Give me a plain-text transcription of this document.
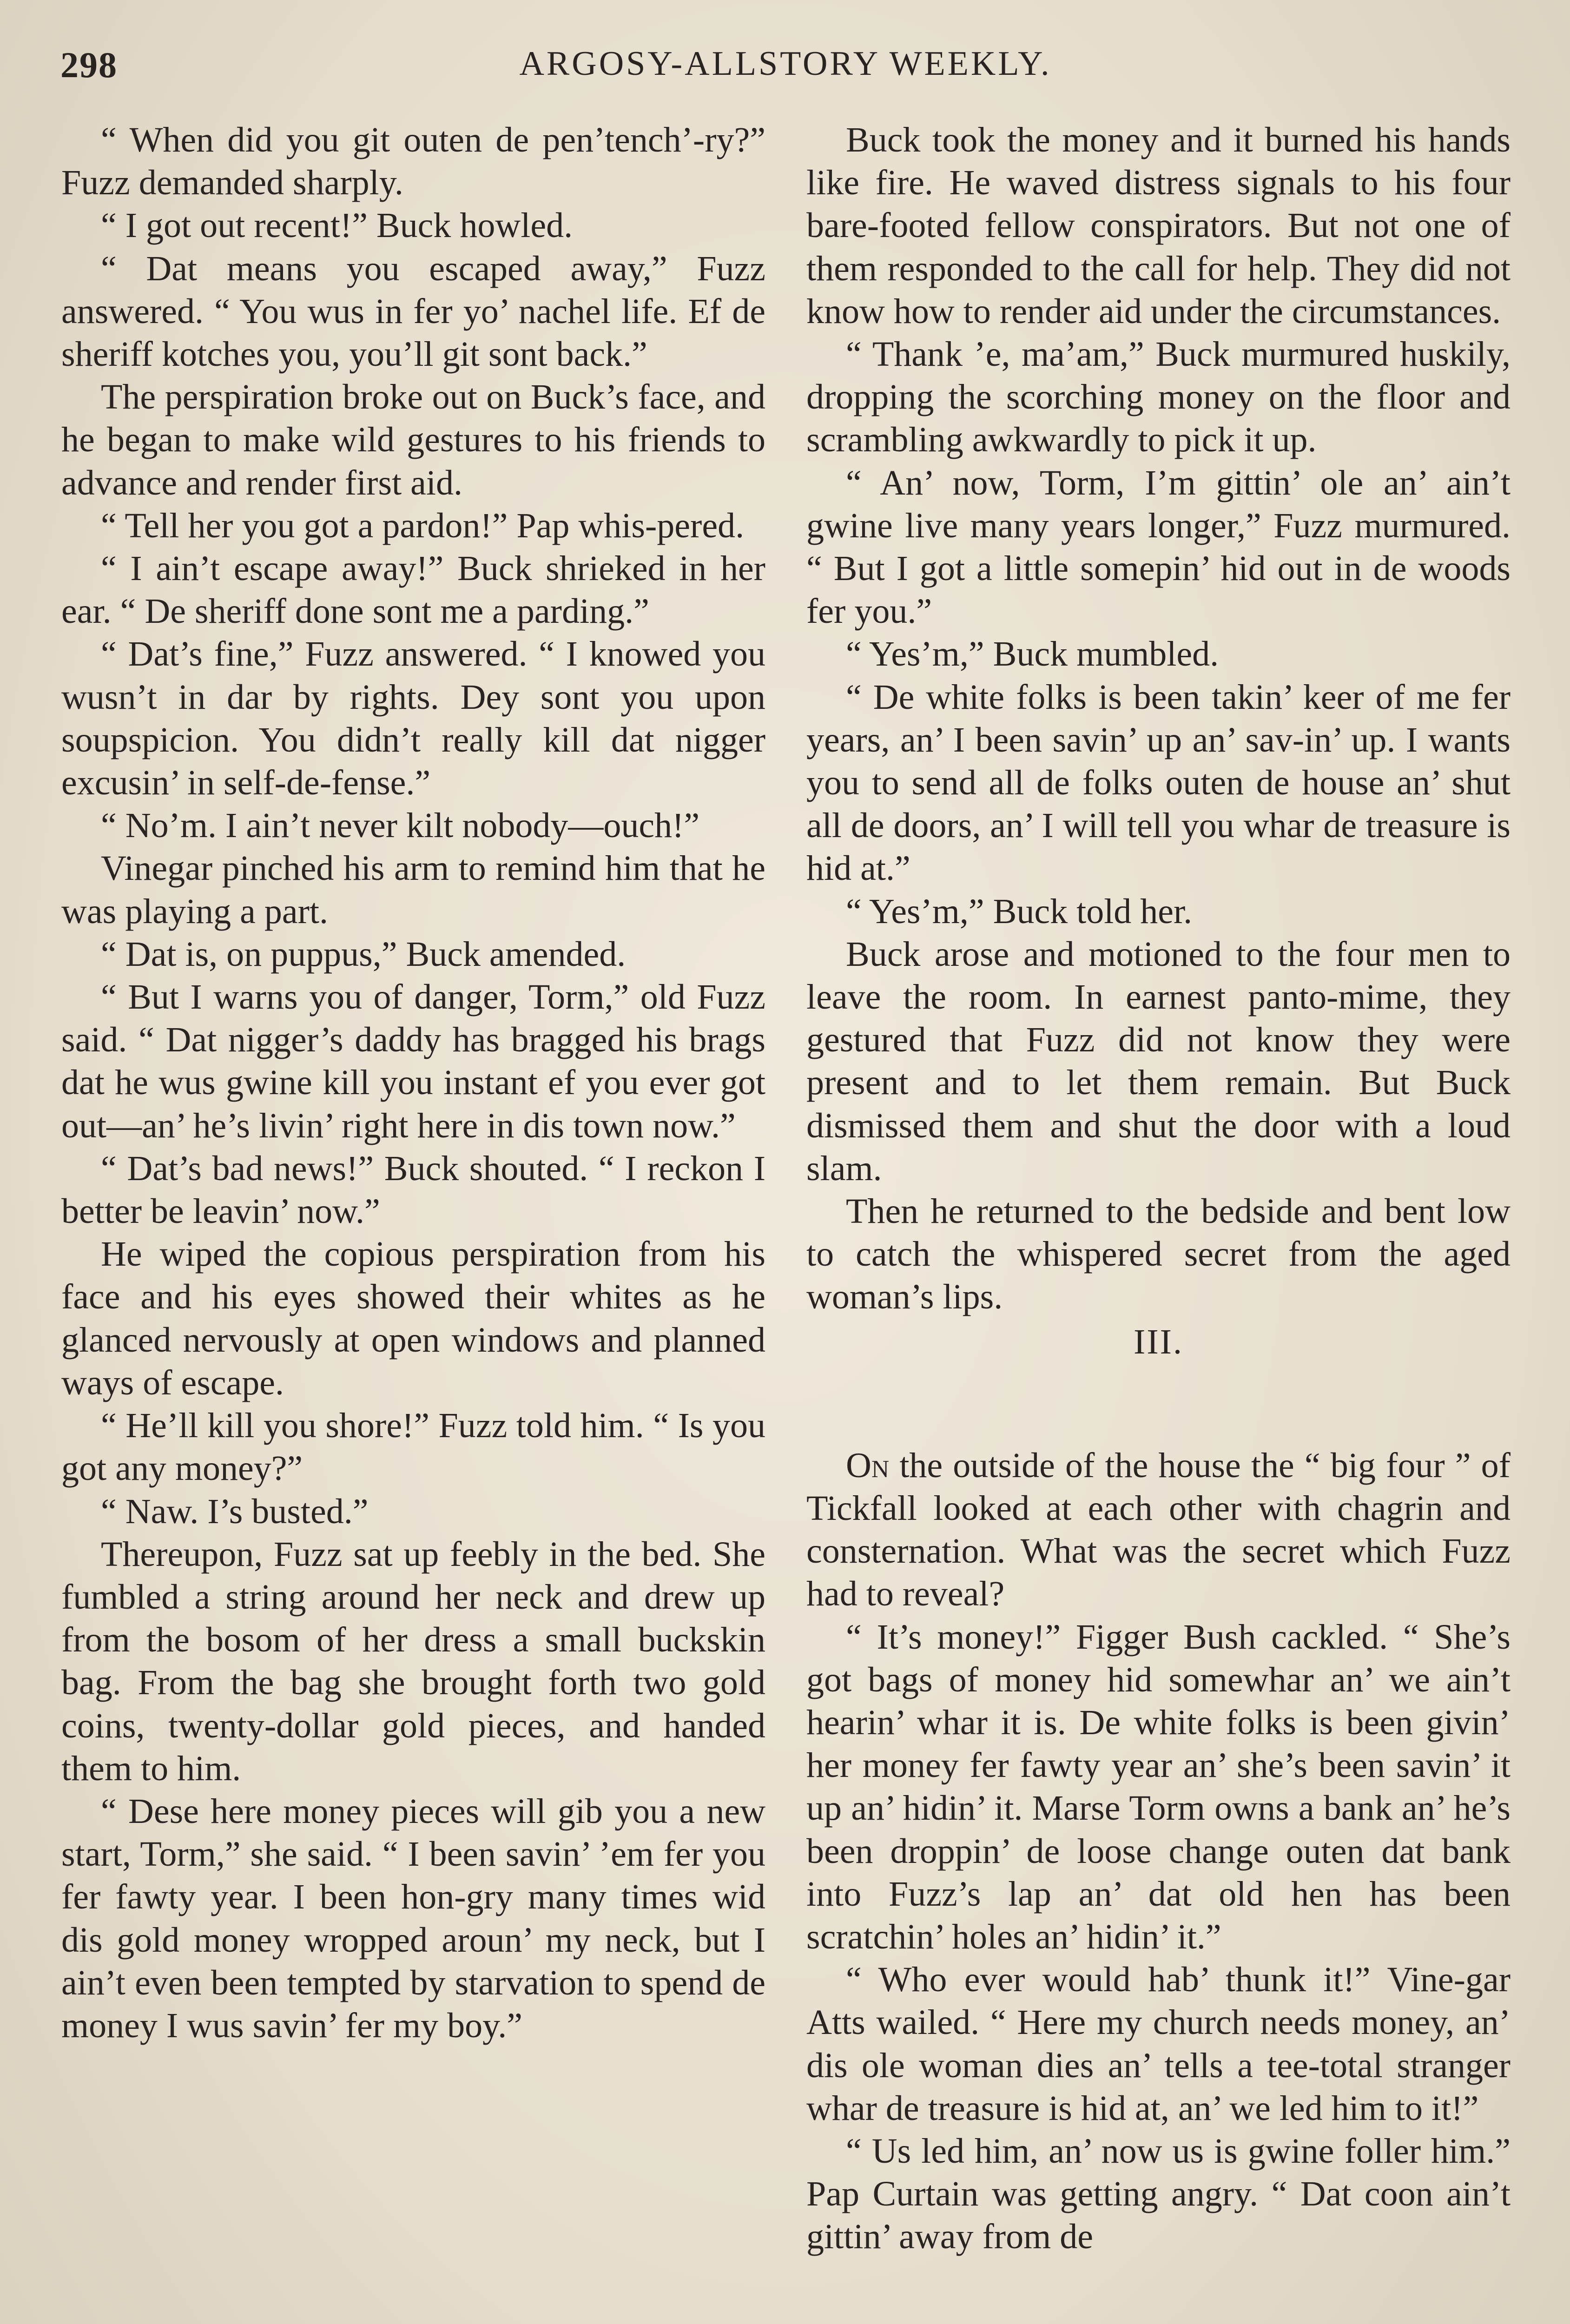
298	ARGOSY-ALLSTORY WEEKLY.

“ When did you git outen de pen’tench’-ry?” Fuzz demanded sharply.

“ I got out recent!” Buck howled.

“ Dat means you escaped away,” Fuzz answered. “ You wus in fer yo’ nachel life. Ef de sheriff kotches you, you’ll git sont back.”

The perspiration broke out on Buck’s face, and he began to make wild gestures to his friends to advance and render first aid.

“ Tell her you got a pardon!” Pap whis-pered.

“ I ain’t escape away!” Buck shrieked in her ear. “ De sheriff done sont me a parding.”

“ Dat’s fine,” Fuzz answered. “ I knowed you wusn’t in dar by rights. Dey sont you upon soupspicion. You didn’t really kill dat nigger excusin’ in self-de-fense.”

“ No’m. I ain’t never kilt nobody—ouch!”

Vinegar pinched his arm to remind him that he was playing a part.

“ Dat is, on puppus,” Buck amended.

“ But I warns you of danger, Torm,” old Fuzz said. “ Dat nigger’s daddy has bragged his brags dat he wus gwine kill you instant ef you ever got out—an’ he’s livin’ right here in dis town now.”

“ Dat’s bad news!” Buck shouted. “ I reckon I better be leavin’ now.”

He wiped the copious perspiration from his face and his eyes showed their whites as he glanced nervously at open windows and planned ways of escape.

“ He’ll kill you shore!” Fuzz told him. “ Is you got any money?”

“ Naw. I’s busted.”

Thereupon, Fuzz sat up feebly in the bed. She fumbled a string around her neck and drew up from the bosom of her dress a small buckskin bag. From the bag she brought forth two gold coins, twenty-dollar gold pieces, and handed them to him.

“ Dese here money pieces will gib you a new start, Torm,” she said. “ I been savin’ ’em fer you fer fawty year. I been hon-gry many times wid dis gold money wropped aroun’ my neck, but I ain’t even been tempted by starvation to spend de money I wus savin’ fer my boy.”

Buck took the money and it burned his hands like fire. He waved distress signals to his four bare-footed fellow conspirators. But not one of them responded to the call for help. They did not know how to render aid under the circumstances.

“ Thank ’e, ma’am,” Buck murmured huskily, dropping the scorching money on the floor and scrambling awkwardly to pick it up.

“ An’ now, Torm, I’m gittin’ ole an’ ain’t gwine live many years longer,” Fuzz murmured. “ But I got a little somepin’ hid out in de woods fer you.”

“ Yes’m,” Buck mumbled.

“ De white folks is been takin’ keer of me fer years, an’ I been savin’ up an’ sav-in’ up. I wants you to send all de folks outen de house an’ shut all de doors, an’ I will tell you whar de treasure is hid at.”

“ Yes’m,” Buck told her.

Buck arose and motioned to the four men to leave the room. In earnest panto-mime, they gestured that Fuzz did not know they were present and to let them remain. But Buck dismissed them and shut the door with a loud slam.

Then he returned to the bedside and bent low to catch the whispered secret from the aged woman’s lips.

III.

On the outside of the house the “ big four ” of Tickfall looked at each other with chagrin and consternation. What was the secret which Fuzz had to reveal?

“ It’s money!” Figger Bush cackled. “ She’s got bags of money hid somewhar an’ we ain’t hearin’ whar it is. De white folks is been givin’ her money fer fawty year an’ she’s been savin’ it up an’ hidin’ it. Marse Torm owns a bank an’ he’s been droppin’ de loose change outen dat bank into Fuzz’s lap an’ dat old hen has been scratchin’ holes an’ hidin’ it.”

“ Who ever would hab’ thunk it!” Vine-gar Atts wailed. “ Here my church needs money, an’ dis ole woman dies an’ tells a tee-total stranger whar de treasure is hid at, an’ we led him to it!”

“ Us led him, an’ now us is gwine foller him.” Pap Curtain was getting angry. “ Dat coon ain’t gittin’ away from de
